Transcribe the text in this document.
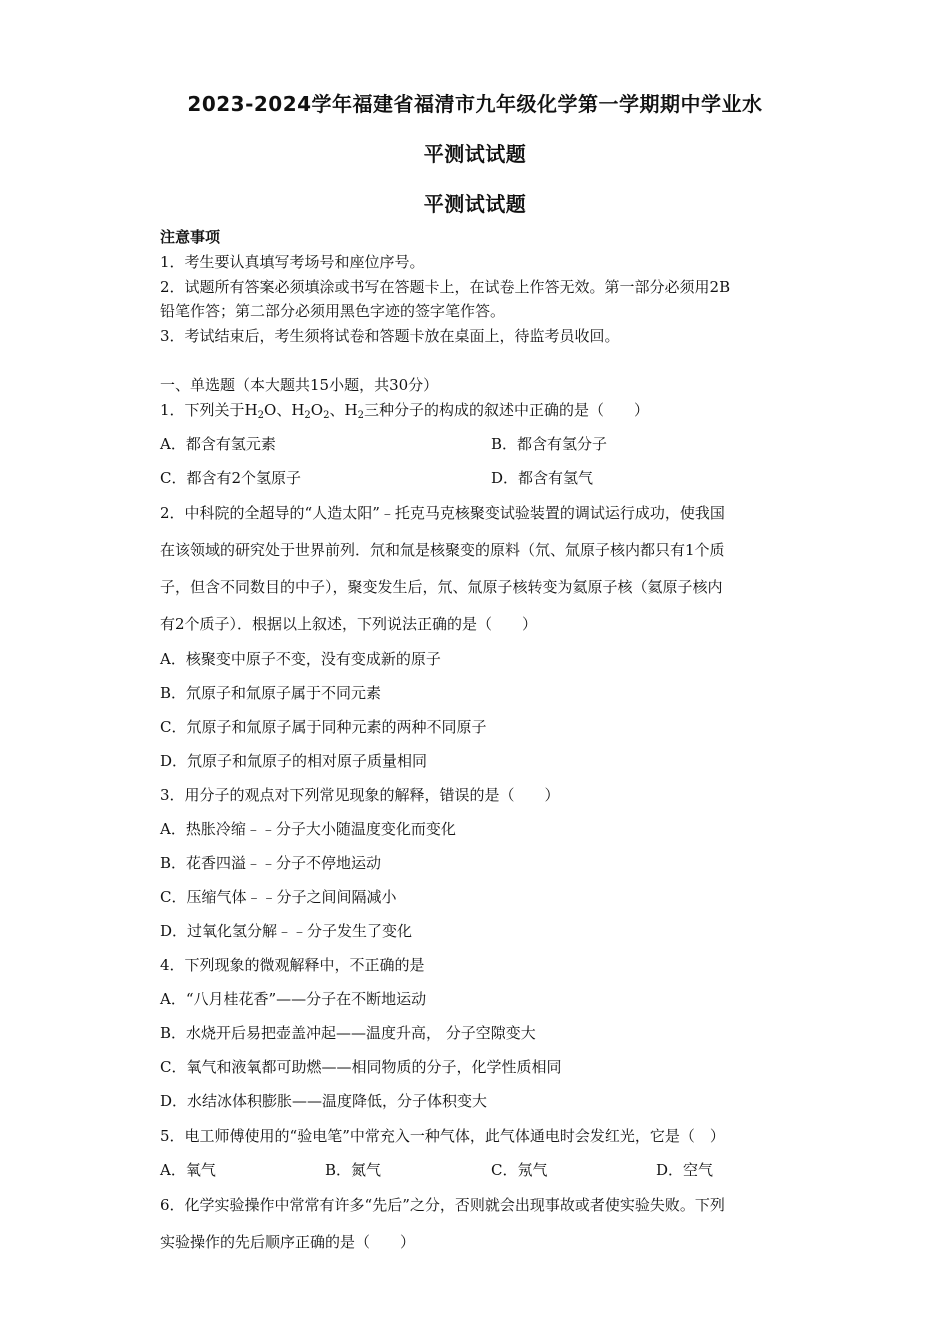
2023-2024学年福建省福清市九年级化学第一学期期中学业水
平测试试题
平测试试题
注意事项
1．考生要认真填写考场号和座位序号。
2．试题所有答案必须填涂或书写在答题卡上，在试卷上作答无效。第一部分必须用2B
铅笔作答；第二部分必须用黑色字迹的签字笔作答。
3．考试结束后，考生须将试卷和答题卡放在桌面上，待监考员收回。
一、单选题（本大题共15小题，共30分）
1．下列关于$H_2O$、$H_2O_2$、$H_2$三种分子的构成的叙述中正确的是（　　）
A．都含有氢元素	B．都含有氢分子
C．都含有2个氢原子	D．都含有氢气
2．中科院的全超导的“人造太阳”﹣托克马克核聚变试验装置的调试运行成功，使我国
在该领域的研究处于世界前列．氘和氚是核聚变的原料（氘、氚原子核内都只有1个质
子，但含不同数目的中子），聚变发生后，氘、氚原子核转变为氦原子核（氦原子核内
有2个质子）．根据以上叙述，下列说法正确的是（　　）
A．核聚变中原子不变，没有变成新的原子
B．氘原子和氚原子属于不同元素
C．氘原子和氚原子属于同种元素的两种不同原子
D．氘原子和氚原子的相对原子质量相同
3．用分子的观点对下列常见现象的解释，错误的是（　　）
A．热胀冷缩﹣﹣分子大小随温度变化而变化
B．花香四溢﹣﹣分子不停地运动
C．压缩气体﹣﹣分子之间间隔减小
D．过氧化氢分解﹣﹣分子发生了变化
4．下列现象的微观解释中，不正确的是
A．“八月桂花香”——分子在不断地运动
B．水烧开后易把壶盖冲起——温度升高， 分子空隙变大
C．氧气和液氧都可助燃——相同物质的分子，化学性质相同
D．水结冰体积膨胀——温度降低，分子体积变大
5．电工师傅使用的“验电笔”中常充入一种气体，此气体通电时会发红光，它是（　）
A．氧气	B．氮气	C．氖气	D．空气
6．化学实验操作中常常有许多“先后”之分，否则就会出现事故或者使实验失败。下列
实验操作的先后顺序正确的是（　　）
